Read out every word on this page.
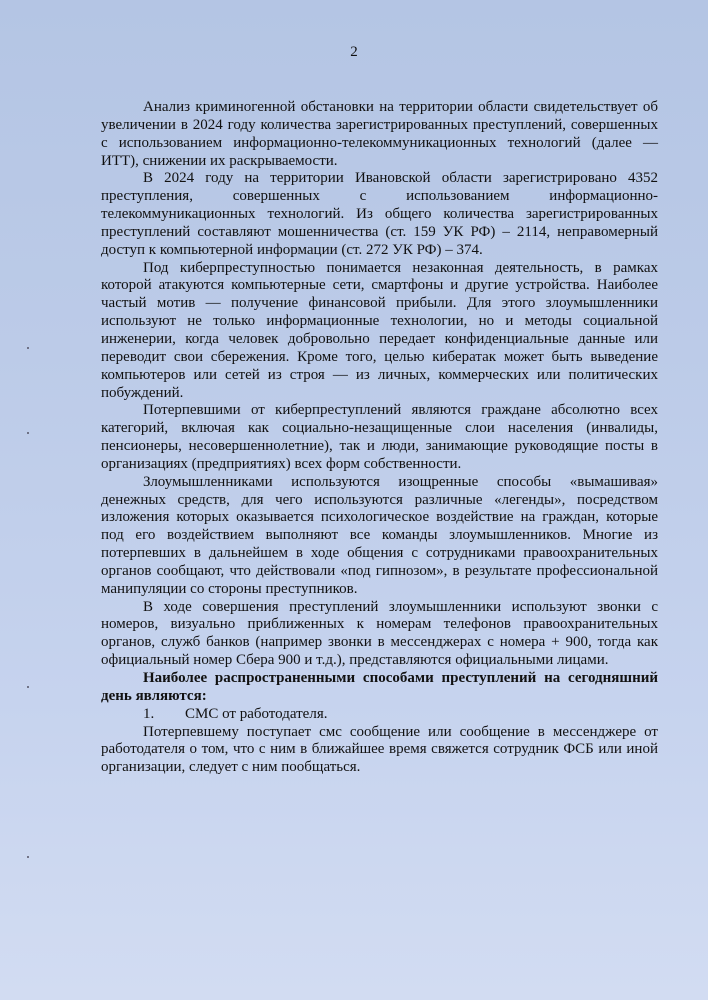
2

Анализ криминогенной обстановки на территории области свидетельствует об увеличении в 2024 году количества зарегистрированных преступлений, совершенных с использованием информационно-телекоммуникационных технологий (далее — ИТТ), снижении их раскрываемости.

В 2024 году на территории Ивановской области зарегистрировано 4352 преступления, совершенных с использованием информационно-телекоммуникационных технологий. Из общего количества зарегистрированных преступлений составляют мошенничества (ст. 159 УК РФ) – 2114, неправомерный доступ к компьютерной информации (ст. 272 УК РФ) – 374.

Под киберпреступностью понимается незаконная деятельность, в рамках которой атакуются компьютерные сети, смартфоны и другие устройства. Наиболее частый мотив — получение финансовой прибыли. Для этого злоумышленники используют не только информационные технологии, но и методы социальной инженерии, когда человек добровольно передает конфиденциальные данные или переводит свои сбережения. Кроме того, целью кибератак может быть выведение компьютеров или сетей из строя — из личных, коммерческих или политических побуждений.

Потерпевшими от киберпреступлений являются граждане абсолютно всех категорий, включая как социально-незащищенные слои населения (инвалиды, пенсионеры, несовершеннолетние), так и люди, занимающие руководящие посты в организациях (предприятиях) всех форм собственности.

Злоумышленниками используются изощренные способы «вымашивая» денежных средств, для чего используются различные «легенды», посредством изложения которых оказывается психологическое воздействие на граждан, которые под его воздействием выполняют все команды злоумышленников. Многие из потерпевших в дальнейшем в ходе общения с сотрудниками правоохранительных органов сообщают, что действовали «под гипнозом», в результате профессиональной манипуляции со стороны преступников.

В ходе совершения преступлений злоумышленники используют звонки с номеров, визуально приближенных к номерам телефонов правоохранительных органов, служб банков (например звонки в мессенджерах с номера + 900, тогда как официальный номер Сбера 900 и т.д.), представляются официальными лицами.

Наиболее распространенными способами преступлений на сегодняшний день являются:

1. СМС от работодателя.

Потерпевшему поступает смс сообщение или сообщение в мессенджере от работодателя о том, что с ним в ближайшее время свяжется сотрудник ФСБ или иной организации, следует с ним пообщаться.
